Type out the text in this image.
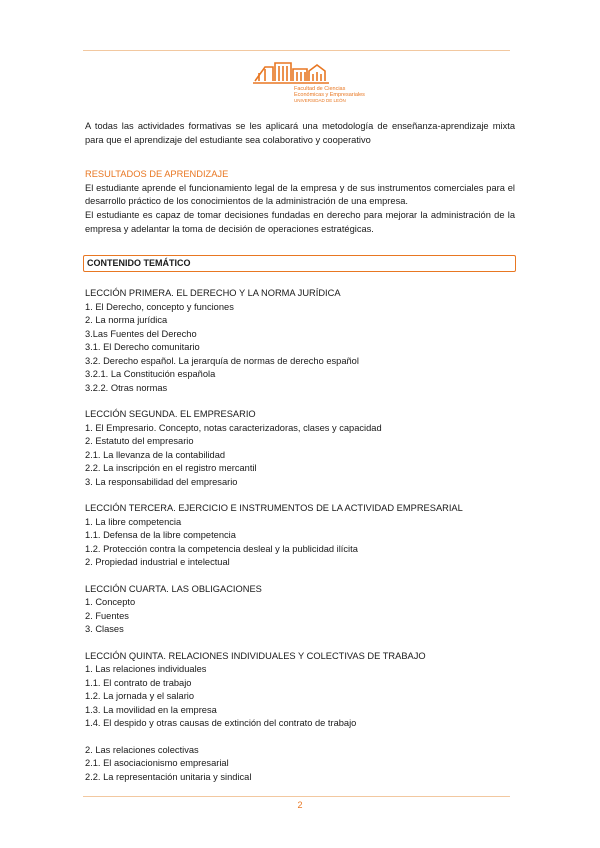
Facultad de Ciencias
Económicas y Empresariales
UNIVERSIDAD DE LEÓN

A todas las actividades formativas se les aplicará una metodología de enseñanza-aprendizaje mixta para que el aprendizaje del estudiante sea colaborativo y cooperativo

RESULTADOS DE APRENDIZAJE

El estudiante aprende el funcionamiento legal de la empresa y de sus instrumentos comerciales para el desarrollo práctico de los conocimientos de la administración de una empresa.

El estudiante es capaz de tomar decisiones fundadas en derecho para mejorar la administración de la empresa y adelantar la toma de decisión de operaciones estratégicas.

CONTENIDO TEMÁTICO
LECCIÓN PRIMERA. EL DERECHO Y LA NORMA JURÍDICA
1. El Derecho, concepto y funciones
2. La norma jurídica
3.Las Fuentes del Derecho
3.1. El Derecho comunitario
3.2. Derecho español. La jerarquía de normas de derecho español
3.2.1. La Constitución española
3.2.2. Otras normas
LECCIÓN SEGUNDA. EL EMPRESARIO
1. El Empresario. Concepto, notas caracterizadoras, clases y capacidad
2. Estatuto del empresario
2.1. La llevanza de la contabilidad
2.2. La inscripción en el registro mercantil
3. La responsabilidad del empresario
LECCIÓN TERCERA. EJERCICIO E INSTRUMENTOS DE LA ACTIVIDAD EMPRESARIAL
1. La libre competencia
1.1. Defensa de la libre competencia
1.2. Protección contra la competencia desleal y la publicidad ilícita
2. Propiedad industrial e intelectual
LECCIÓN CUARTA. LAS OBLIGACIONES
1. Concepto
2. Fuentes
3. Clases
LECCIÓN QUINTA. RELACIONES INDIVIDUALES Y COLECTIVAS DE TRABAJO
1. Las relaciones individuales
1.1. El contrato de trabajo
1.2. La jornada y el salario
1.3. La movilidad en la empresa
1.4. El despido y otras causas de extinción del contrato de trabajo
2. Las relaciones colectivas
2.1. El asociacionismo empresarial
2.2. La representación unitaria y sindical
2
